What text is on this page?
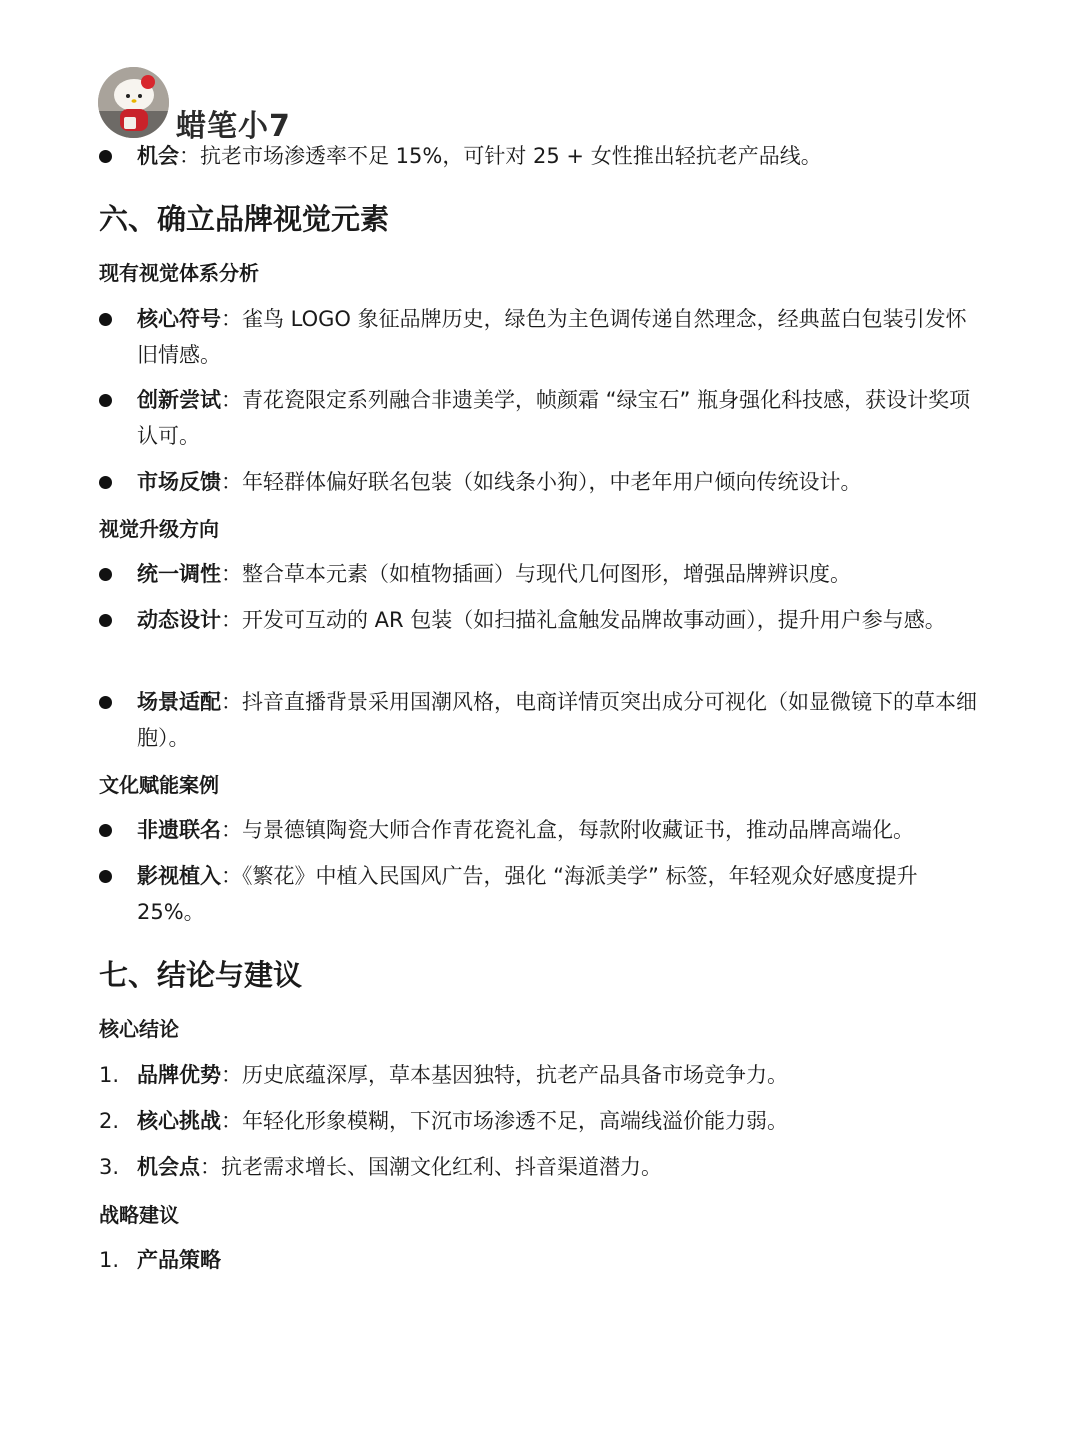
蜡笔小7
机会：抗老市场渗透率不足 15%，可针对 25 + 女性推出轻抗老产品线。
六、确立品牌视觉元素
现有视觉体系分析
核心符号：雀鸟 LOGO 象征品牌历史，绿色为主色调传递自然理念，经典蓝白包装引发怀旧情感。
创新尝试：青花瓷限定系列融合非遗美学，帧颜霜 “绿宝石” 瓶身强化科技感，获设计奖项认可。
市场反馈：年轻群体偏好联名包装（如线条小狗），中老年用户倾向传统设计。
视觉升级方向
统一调性：整合草本元素（如植物插画）与现代几何图形，增强品牌辨识度。
动态设计：开发可互动的 AR 包装（如扫描礼盒触发品牌故事动画），提升用户参与感。
场景适配：抖音直播背景采用国潮风格，电商详情页突出成分可视化（如显微镜下的草本细胞）。
文化赋能案例
非遗联名：与景德镇陶瓷大师合作青花瓷礼盒，每款附收藏证书，推动品牌高端化。
影视植入：《繁花》中植入民国风广告，强化 “海派美学” 标签，年轻观众好感度提升 25%。
七、结论与建议
核心结论
1. 品牌优势：历史底蕴深厚，草本基因独特，抗老产品具备市场竞争力。
2. 核心挑战：年轻化形象模糊，下沉市场渗透不足，高端线溢价能力弱。
3. 机会点：抗老需求增长、国潮文化红利、抖音渠道潜力。
战略建议
1. 产品策略
